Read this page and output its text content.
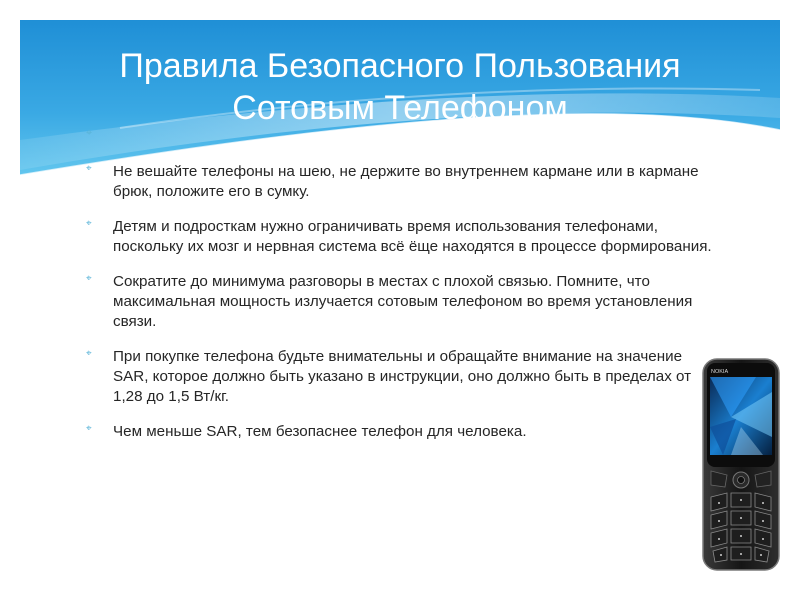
Правила Безопасного Пользования
Сотовым Телефоном
⌖
⌖ Не вешайте телефоны на шею, не держите во внутреннем кармане или в кармане брюк, положите его в сумку.
⌖ Детям и подросткам нужно ограничивать время использования телефонами, поскольку их мозг и нервная система всё ёще находятся в процессе формирования.
⌖ Сократите до минимума разговоры в местах с плохой связью. Помните, что максимальная мощность излучается сотовым телефоном во время установления связи.
⌖ При покупке телефона будьте внимательны и обращайте внимание на значение SAR, которое должно быть указано в инструкции, оно должно быть в пределах от 1,28 до 1,5 Вт/кг.
⌖ Чем меньше SAR, тем безопаснее телефон для человека.
NOKIA
